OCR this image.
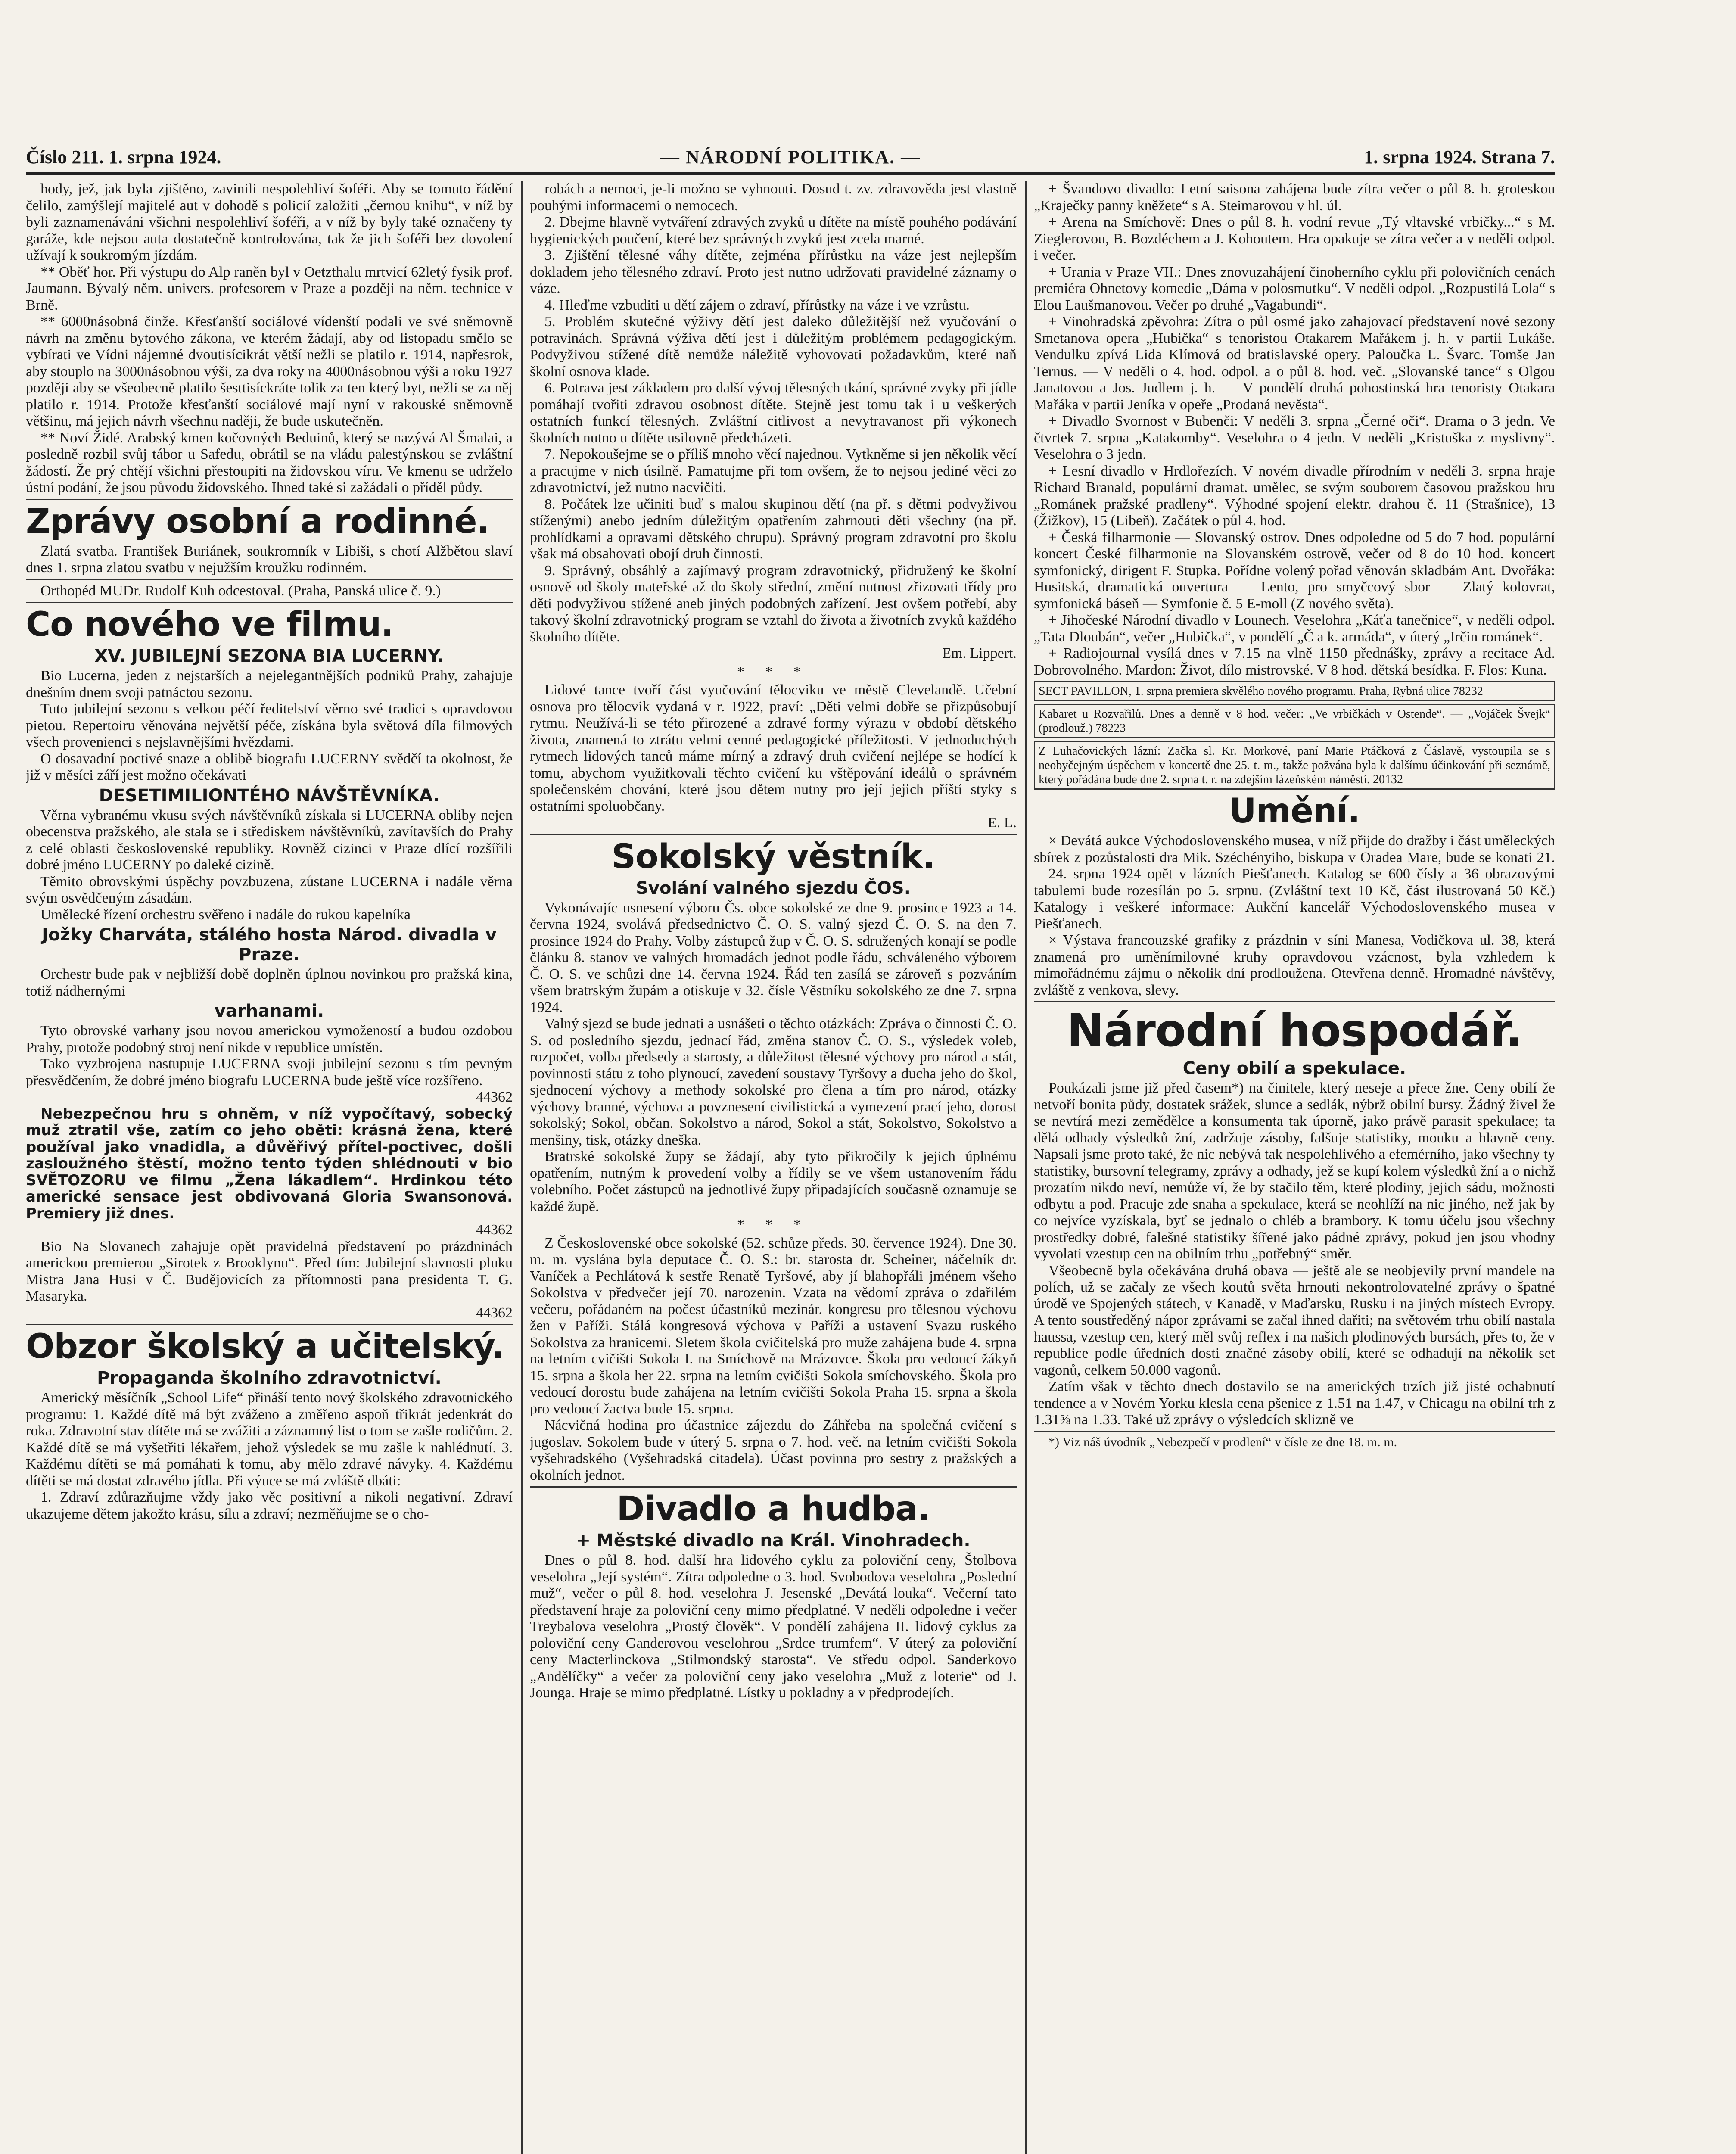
Číslo 211. 1. srpna 1924.	— NÁRODNÍ POLITIKA. —	1. srpna 1924. Strana 7.

hody, jež, jak byla zjištěno, zavinili nespolehliví šoféři. Aby se tomuto řádění čelilo, zamýšlejí majitelé aut v dohodě s policií založiti „černou knihu“, v níž by byli zaznamenáváni všichni nespolehliví šoféři, a v níž by byly také označeny ty garáže, kde nejsou auta dostatečně kontrolována, tak že jich šoféři bez dovolení užívají k soukromým jízdám.

** Oběť hor. Při výstupu do Alp raněn byl v Oetzthalu mrtvicí 62letý fysik prof. Jaumann. Bývalý něm. univers. profesorem v Praze a později na něm. technice v Brně.

** 6000násobná činže. Křesťanští sociálové vídenští podali ve své sněmovně návrh na změnu bytového zákona, ve kterém žádají, aby od listopadu smělo se vybírati ve Vídni nájemné dvoutisícikrát větší nežli se platilo r. 1914, napřesrok, aby stouplo na 3000násobnou výši, za dva roky na 4000násobnou výši a roku 1927 později aby se všeobecně platilo šesttisíckráte tolik za ten který byt, nežli se za něj platilo r. 1914. Protože křesťanští sociálové mají nyní v rakouské sněmovně většinu, má jejich návrh všechnu naději, že bude uskutečněn.

** Noví Židé. Arabský kmen kočovných Beduinů, který se nazývá Al Šmalai, a posledně rozbil svůj tábor u Safedu, obrátil se na vládu palestýnskou se zvláštní žádostí. Že prý chtějí všichni přestoupiti na židovskou víru. Ve kmenu se udrželo ústní podání, že jsou původu židovského. Ihned také si zažádali o příděl půdy.

Zprávy osobní a rodinné.

Zlatá svatba. František Buriánek, soukromník v Libiši, s chotí Alžbětou slaví dnes 1. srpna zlatou svatbu v nejužším kroužku rodinném.

Orthopéd MUDr. Rudolf Kuh odcestoval. (Praha, Panská ulice č. 9.)

Co nového ve filmu.
XV. JUBILEJNÍ SEZONA BIA LUCERNY.

Bio Lucerna, jeden z nejstarších a nejelegantnějších podniků Prahy, zahajuje dnešním dnem svoji patnáctou sezonu.

Tuto jubilejní sezonu s velkou péčí ředitelství věrno své tradici s opravdovou pietou. Repertoiru věnována největší péče, získána byla světová díla filmových všech provenienci s nejslavnějšími hvězdami.

O dosavadní poctivé snaze a oblibě biografu LUCERNY svědčí ta okolnost, že již v měsíci září jest možno očekávati

DESETIMILIONTÉHO NÁVŠTĚVNÍKA.

Věrna vybranému vkusu svých návštěvníků získala si LUCERNA obliby nejen obecenstva pražského, ale stala se i střediskem návštěvníků, zavítavších do Prahy z celé oblasti československé republiky. Rovněž cizinci v Praze dlící rozšířili dobré jméno LUCERNY po daleké cizině.

Těmito obrovskými úspěchy povzbuzena, zůstane LUCERNA i nadále věrna svým osvědčeným zásadám.

Umělecké řízení orchestru svěřeno i nadále do rukou kapelníka

Jožky Charváta, stálého hosta Národ. divadla v Praze.

Orchestr bude pak v nejbližší době doplněn úplnou novinkou pro pražská kina, totiž nádhernými

varhanami.

Tyto obrovské varhany jsou novou americkou vymožeností a budou ozdobou Prahy, protože podobný stroj není nikde v republice umístěn.

Tako vyzbrojena nastupuje LUCERNA svoji jubilejní sezonu s tím pevným přesvědčením, že dobré jméno biografu LUCERNA bude ještě více rozšířeno.

44362

Nebezpečnou hru s ohněm, v níž vypočítavý, sobecký muž ztratil vše, zatím co jeho oběti: krásná žena, které používal jako vnadidla, a důvěřivý přítel-poctivec, došli zasloužného štěstí, možno tento týden shlédnouti v bio SVĚTOZORU ve filmu „Žena lákadlem“. Hrdinkou této americké sensace jest obdivovaná Gloria Swansonová. Premiery již dnes.

44362

Bio Na Slovanech zahajuje opět pravidelná představení po prázdninách americkou premierou „Sirotek z Brooklynu“. Před tím: Jubilejní slavnosti pluku Mistra Jana Husi v Č. Budějovicích za přítomnosti pana presidenta T. G. Masaryka.

44362
Obzor školský a učitelský.
Propaganda školního zdravotnictví.

Americký měsíčník „School Life“ přináší tento nový školského zdravotnického programu: 1. Každé dítě má být zváženo a změřeno aspoň třikrát jedenkrát do roka. Zdravotní stav dítěte má se zvážiti a záznamný list o tom se zašle rodičům. 2. Každé dítě se má vyšetřiti lékařem, jehož výsledek se mu zašle k nahlédnutí. 3. Každému dítěti se má pomáhati k tomu, aby mělo zdravé návyky. 4. Každému dítěti se má dostat zdravého jídla. Při výuce se má zvláště dbáti:

1. Zdraví zdůrazňujme vždy jako věc positivní a nikoli negativní. Zdraví ukazujeme dětem jakožto krásu, sílu a zdraví; nezměňujme se o cho-

robách a nemoci, je-li možno se vyhnouti. Dosud t. zv. zdravověda jest vlastně pouhými informacemi o nemocech.

2. Dbejme hlavně vytváření zdravých zvyků u dítěte na místě pouhého podávání hygienických poučení, které bez správných zvyků jest zcela marné.

3. Zjištění tělesné váhy dítěte, zejména přírůstku na váze jest nejlepším dokladem jeho tělesného zdraví. Proto jest nutno udržovati pravidelné záznamy o váze.

4. Hleďme vzbuditi u dětí zájem o zdraví, přírůstky na váze i ve vzrůstu.

5. Problém skutečné výživy dětí jest daleko důležitější než vyučování o potravinách. Správná výživa dětí jest i důležitým problémem pedagogickým. Podvyživou stížené dítě nemůže náležitě vyhovovati požadavkům, které naň školní osnova klade.

6. Potrava jest základem pro další vývoj tělesných tkání, správné zvyky při jídle pomáhají tvořiti zdravou osobnost dítěte. Stejně jest tomu tak i u veškerých ostatních funkcí tělesných. Zvláštní citlivost a nevytravanost při výkonech školních nutno u dítěte usilovně předcházeti.

7. Nepokoušejme se o příliš mnoho věcí najednou. Vytkněme si jen několik věcí a pracujme v nich úsilně. Pamatujme při tom ovšem, že to nejsou jediné věci zo zdravotnictví, jež nutno nacvičiti.

8. Počátek lze učiniti buď s malou skupinou dětí (na př. s dětmi podvyživou stíženými) anebo jedním důležitým opatřením zahrnouti děti všechny (na př. prohlídkami a opravami dětského chrupu). Správný program zdravotní pro školu však má obsahovati obojí druh činnosti.

9. Správný, obsáhlý a zajímavý program zdravotnický, přidružený ke školní osnově od školy mateřské až do školy střední, změní nutnost zřizovati třídy pro děti podvyživou stížené aneb jiných podobných zařízení. Jest ovšem potřebí, aby takový školní zdravotnický program se vztahl do života a životních zvyků každého školního dítěte.

Em. Lippert.
* * *

Lidové tance tvoří část vyučování tělocviku ve městě Clevelandě. Učební osnova pro tělocvik vydaná v r. 1922, praví: „Děti velmi dobře se přizpůsobují rytmu. Neužívá-li se této přirozené a zdravé formy výrazu v období dětského života, znamená to ztrátu velmi cenné pedagogické příležitosti. V jednoduchých rytmech lidových tanců máme mírný a zdravý druh cvičení nejlépe se hodící k tomu, abychom využitkovali těchto cvičení ku vštěpování ideálů o správném společenském chování, které jsou dětem nutny pro její jejich příští styky s ostatními spoluobčany.

E. L.
Sokolský věstník.
Svolání valného sjezdu ČOS.

Vykonávajíc usnesení výboru Čs. obce sokolské ze dne 9. prosince 1923 a 14. června 1924, svolává předsednictvo Č. O. S. valný sjezd Č. O. S. na den 7. prosince 1924 do Prahy. Volby zástupců žup v Č. O. S. sdružených konají se podle článku 8. stanov ve valných hromadách jednot podle řádu, schváleného výborem Č. O. S. ve schůzi dne 14. června 1924. Řád ten zasílá se zároveň s pozváním všem bratrským župám a otiskuje v 32. čísle Věstníku sokolského ze dne 7. srpna 1924.

Valný sjezd se bude jednati a usnášeti o těchto otázkách: Zpráva o činnosti Č. O. S. od posledního sjezdu, jednací řád, změna stanov Č. O. S., výsledek voleb, rozpočet, volba předsedy a starosty, a důležitost tělesné výchovy pro národ a stát, povinnosti státu z toho plynoucí, zavedení soustavy Tyršovy a ducha jeho do škol, sjednocení výchovy a methody sokolské pro člena a tím pro národ, otázky výchovy branné, výchova a povznesení civilistická a vymezení prací jeho, dorost sokolský; Sokol, občan. Sokolstvo a národ, Sokol a stát, Sokolstvo, Sokolstvo a menšiny, tisk, otázky dneška.

Bratrské sokolské župy se žádají, aby tyto přikročily k jejich úplnému opatřením, nutným k provedení volby a řídily se ve všem ustanovením řádu volebního. Počet zástupců na jednotlivé župy připadajících současně oznamuje se každé župě.

* * *

Z Československé obce sokolské (52. schůze předs. 30. července 1924). Dne 30. m. m. vyslána byla deputace Č. O. S.: br. starosta dr. Scheiner, náčelník dr. Vaníček a Pechlátová k sestře Renatě Tyršové, aby jí blahopřáli jménem všeho Sokolstva v předvečer její 70. narozenin. Vzata na vědomí zpráva o zdařilém večeru, pořádaném na počest účastníků mezinár. kongresu pro tělesnou výchovu žen v Paříži. Stálá kongresová výchova v Paříži a ustavení Svazu ruského Sokolstva za hranicemi. Sletem škola cvičitelská pro muže zahájena bude 4. srpna na letním cvičišti Sokola I. na Smíchově na Mrázovce. Škola pro vedoucí žákyň 15. srpna a škola her 22. srpna na letním cvičišti Sokola smíchovského. Škola pro vedoucí dorostu bude zahájena na letním cvičišti Sokola Praha 15. srpna a škola pro vedoucí žactva bude 15. srpna.

Nácvičná hodina pro účastnice zájezdu do Záhřeba na společná cvičení s jugoslav. Sokolem bude v úterý 5. srpna o 7. hod. več. na letním cvičišti Sokola vyšehradského (Vyšehradská citadela). Účast povinna pro sestry z pražských a okolních jednot.

Divadlo a hudba.
+ Městské divadlo na Král. Vinohradech.

Dnes o půl 8. hod. další hra lidového cyklu za poloviční ceny, Štolbova veselohra „Její systém“. Zítra odpoledne o 3. hod. Svobodova veselohra „Poslední muž“, večer o půl 8. hod. veselohra J. Jesenské „Devátá louka“. Večerní tato představení hraje za poloviční ceny mimo předplatné. V neděli odpoledne i večer Treybalova veselohra „Prostý člověk“. V pondělí zahájena II. lidový cyklus za poloviční ceny Ganderovou veselohrou „Srdce trumfem“. V úterý za poloviční ceny Macterlinckova „Stilmondský starosta“. Ve středu odpol. Sanderkovo „Andělíčky“ a večer za poloviční ceny jako veselohra „Muž z loterie“ od J. Joungа. Hraje se mimo předplatné. Lístky u pokladny a v předprodejích.

+ Švandovo divadlo: Letní saisona zahájena bude zítra večer o půl 8. h. groteskou „Kraječky panny kněžete“ s A. Steimarovou v hl. úl.

+ Arena na Smíchově: Dnes o půl 8. h. vodní revue „Tý vltavské vrbičky...“ s M. Zieglerovou, B. Bozdéchem a J. Kohoutem. Hra opakuje se zítra večer a v neděli odpol. i večer.

+ Urania v Praze VII.: Dnes znovuzahájení činoherního cyklu při polovičních cenách premiéra Ohnetovy komedie „Dáma v polosmutku“. V neděli odpol. „Rozpustilá Lola“ s Elou Laušmanovou. Večer po druhé „Vagabundi“.

+ Vinohradská zpěvohra: Zítra o půl osmé jako zahajovací představení nové sezony Smetanova opera „Hubička“ s tenoristou Otakarem Mařákem j. h. v partii Lukáše. Vendulku zpívá Lida Klímová od bratislavské opery. Paloučka L. Švarc. Tomše Jan Ternus. — V neděli o 4. hod. odpol. a o půl 8. hod. več. „Slovanské tance“ s Olgou Janatovou a Jos. Judlem j. h. — V pondělí druhá pohostinská hra tenoristy Otakara Mařáka v partii Jeníka v opeře „Prodaná nevěsta“.

+ Divadlo Svornost v Bubenči: V neděli 3. srpna „Černé oči“. Drama o 3 jedn. Ve čtvrtek 7. srpna „Katakomby“. Veselohra o 4 jedn. V neděli „Kristuška z myslivny“. Veselohra o 3 jedn.

+ Lesní divadlo v Hrdlořezích. V novém divadle přírodním v neděli 3. srpna hraje Richard Branald, populární dramat. umělec, se svým souborem časovou pražskou hru „Románek pražské pradleny“. Výhodné spojení elektr. drahou č. 11 (Strašnice), 13 (Žižkov), 15 (Libeň). Začátek o půl 4. hod.

+ Česká filharmonie — Slovanský ostrov. Dnes odpoledne od 5 do 7 hod. populární koncert České filharmonie na Slovanském ostrově, večer od 8 do 10 hod. koncert symfonický, dirigent F. Stupka. Pořídne volený pořad věnován skladbám Ant. Dvořáka: Husitská, dramatická ouvertura — Lento, pro smyčcový sbor — Zlatý kolovrat, symfonická báseň — Symfonie č. 5 E-moll (Z nového světa).

+ Jihočeské Národní divadlo v Lounech. Veselohra „Káťa tanečnice“, v neděli odpol. „Tata Dloubán“, večer „Hubička“, v pondělí „Č a k. armáda“, v úterý „Irčin románek“.

+ Radiojournal vysílá dnes v 7.15 na vlně 1150 přednášky, zprávy a recitace Ad. Dobrovolného. Mardon: Život, dílo mistrovské. V 8 hod. dětská besídka. F. Flos: Kuna.

SECT PAVILLON, 1. srpna premiera skvělého nového programu. Praha, Rybná ulice 78232
Kabaret u Rozvařilů. Dnes a denně v 8 hod. večer: „Ve vrbičkách v Ostende“. — „Vojáček Švejk“ (prodlouž.) 78223
Z Luhačovických lázní: Začka sl. Kr. Morkové, paní Marie Ptáčková z Čáslavě, vystoupila se s neobyčejným úspěchem v koncertě dne 25. t. m., takže požvána byla k dalšímu účinkování při seznámě, který pořádána bude dne 2. srpna t. r. na zdejším lázeňském náměstí. 20132
Umění.

× Devátá aukce Východoslovenského musea, v níž přijde do dražby i část uměleckých sbírek z pozůstalosti dra Mik. Széchényiho, biskupa v Oradea Mare, bude se konati 21.—24. srpna 1924 opět v lázních Piešťanech. Katalog se 600 čísly a 36 obrazovými tabulemi bude rozesílán po 5. srpnu. (Zvláštní text 10 Kč, část ilustrovaná 50 Kč.) Katalogy i veškeré informace: Aukční kancelář Východoslovenského musea v Piešťanech.

× Výstava francouzské grafiky z prázdnin v síni Manesa, Vodičkova ul. 38, která znamená pro uměnímilovné kruhy opravdovou vzácnost, byla vzhledem k mimořádnému zájmu o několik dní prodloužena. Otevřena denně. Hromadné návštěvy, zvláště z venkova, slevy.

Národní hospodář.
Ceny obilí a spekulace.

Poukázali jsme již před časem*) na činitele, který neseje a přece žne. Ceny obilí že netvoří bonita půdy, dostatek srážek, slunce a sedlák, nýbrž obilní bursy. Žádný živel že se nevtírá mezi zemědělce a konsumenta tak úporně, jako právě parasit spekulace; ta dělá odhady výsledků žní, zadržuje zásoby, falšuje statistiky, mouku a hlavně ceny. Napsali jsme proto také, že nic nebývá tak nespolehlivého a efemérního, jako všechny ty statistiky, bursovní telegramy, zprávy a odhady, jež se kupí kolem výsledků žní a o nichž prozatím nikdo neví, nemůže ví, že by stačilo těm, které plodiny, jejich sádu, možnosti odbytu a pod. Pracuje zde snaha a spekulace, která se neohlíží na nic jiného, než jak by co nejvíce vyzískala, byť se jednalo o chléb a brambory. K tomu účelu jsou všechny prostředky dobré, falešné statistiky šířené jako pádné zprávy, pokud jen jsou vhodny vyvolati vzestup cen na obilním trhu „potřebný“ směr.

Všeobecně byla očekávána druhá obava — ještě ale se neobjevily první mandele na polích, už se začaly ze všech koutů světa hrnouti nekontrolovatelné zprávy o špatné úrodě ve Spojených státech, v Kanadě, v Maďarsku, Rusku i na jiných místech Evropy. A tento soustředěný nápor zprávami se začal ihned dařiti; na světovém trhu obilí nastala haussa, vzestup cen, který měl svůj reflex i na našich plodinových bursách, přes to, že v republice podle úředních dosti značné zásoby obilí, které se odhadují na několik set vagonů, celkem 50.000 vagonů.

Zatím však v těchto dnech dostavilo se na amerických trzích již jisté ochabnutí tendence a v Novém Yorku klesla cena pšenice z 1.51 na 1.47, v Chicagu na obilní trh z 1.31⅝ na 1.33. Také už zprávy o výsledcích sklizně ve

*) Viz náš úvodník „Nebezpečí v prodlení“ v čísle ze dne 18. m. m.
